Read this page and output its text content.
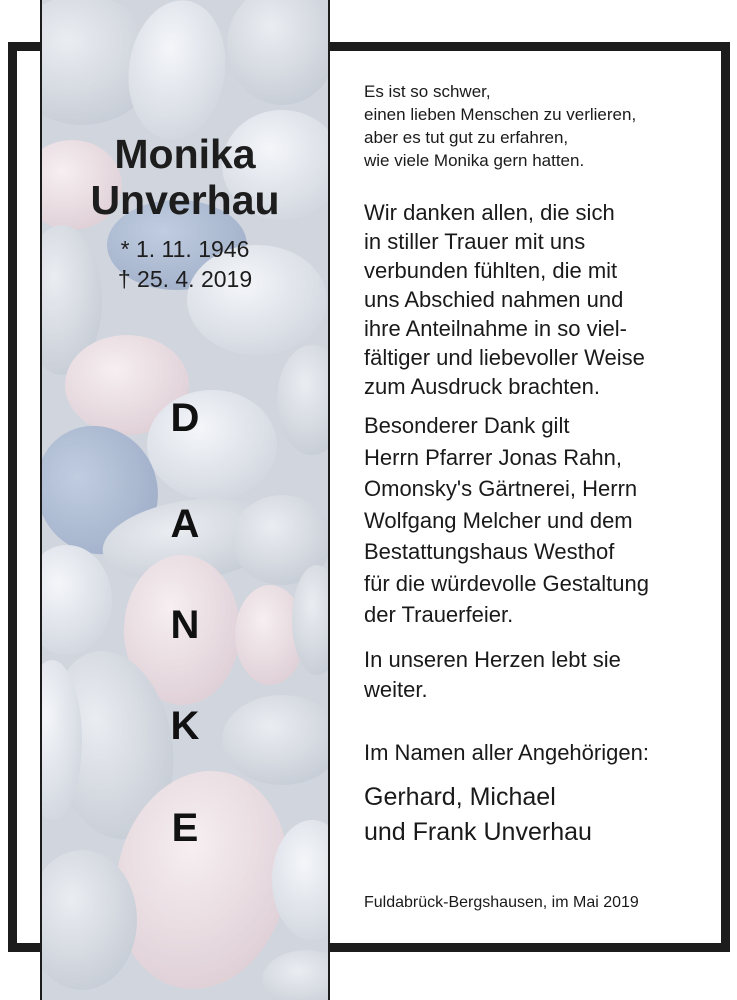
Monika
Unverhau
* 1. 11. 1946
† 25. 4. 2019
D
A
N
K
E
Es ist so schwer,
einen lieben Menschen zu verlieren,
aber es tut gut zu erfahren,
wie viele Monika gern hatten.
Wir danken allen, die sich
in stiller Trauer mit uns
verbunden fühlten, die mit
uns Abschied nahmen und
ihre Anteilnahme in so viel-
fältiger und liebevoller Weise
zum Ausdruck brachten.
Besonderer Dank gilt
Herrn Pfarrer Jonas Rahn,
Omonsky's Gärtnerei, Herrn
Wolfgang Melcher und dem
Bestattungshaus Westhof
für die würdevolle Gestaltung
der Trauerfeier.
In unseren Herzen lebt sie
weiter.
Im Namen aller Angehörigen:
Gerhard, Michael
und Frank Unverhau
Fuldabrück-Bergshausen, im Mai 2019
